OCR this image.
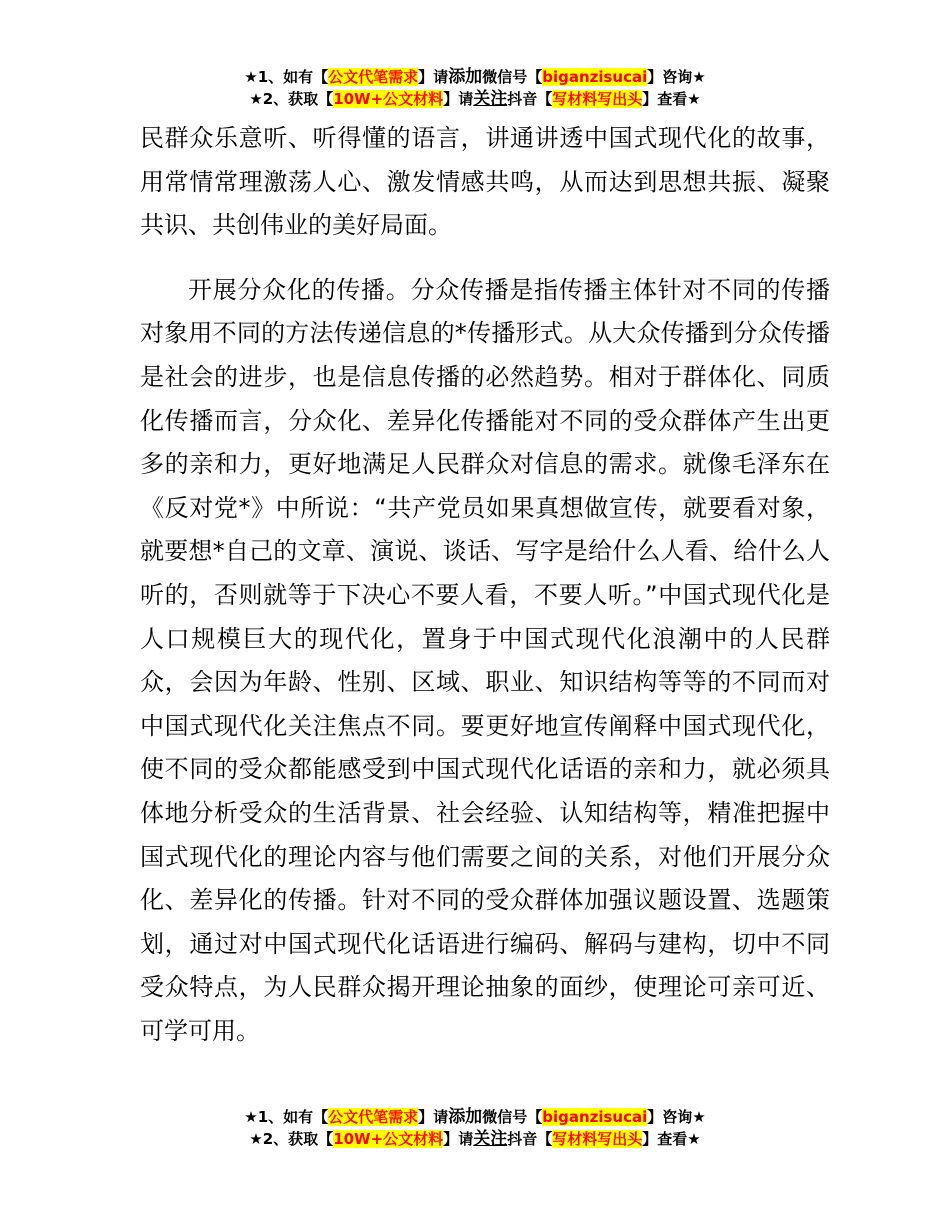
★1、如有【公文代笔需求】请添加微信号【biganzisucai】咨询★
★2、获取【10W+公文材料】请关注抖音【写材料写出头】查看★

民群众乐意听、听得懂的语言，讲通讲透中国式现代化的故事，用常情常理激荡人心、激发情感共鸣，从而达到思想共振、凝聚共识、共创伟业的美好局面。

开展分众化的传播。分众传播是指传播主体针对不同的传播对象用不同的方法传递信息的*传播形式。从大众传播到分众传播是社会的进步，也是信息传播的必然趋势。相对于群体化、同质化传播而言，分众化、差异化传播能对不同的受众群体产生出更多的亲和力，更好地满足人民群众对信息的需求。就像毛泽东在《反对党*》中所说：“共产党员如果真想做宣传，就要看对象，就要想*自己的文章、演说、谈话、写字是给什么人看、给什么人听的，否则就等于下决心不要人看，不要人听。”中国式现代化是人口规模巨大的现代化，置身于中国式现代化浪潮中的人民群众，会因为年龄、性别、区域、职业、知识结构等等的不同而对中国式现代化关注焦点不同。要更好地宣传阐释中国式现代化，使不同的受众都能感受到中国式现代化话语的亲和力，就必须具体地分析受众的生活背景、社会经验、认知结构等，精准把握中国式现代化的理论内容与他们需要之间的关系，对他们开展分众化、差异化的传播。针对不同的受众群体加强议题设置、选题策划，通过对中国式现代化话语进行编码、解码与建构，切中不同受众特点，为人民群众揭开理论抽象的面纱，使理论可亲可近、可学可用。

★1、如有【公文代笔需求】请添加微信号【biganzisucai】咨询★
★2、获取【10W+公文材料】请关注抖音【写材料写出头】查看★
